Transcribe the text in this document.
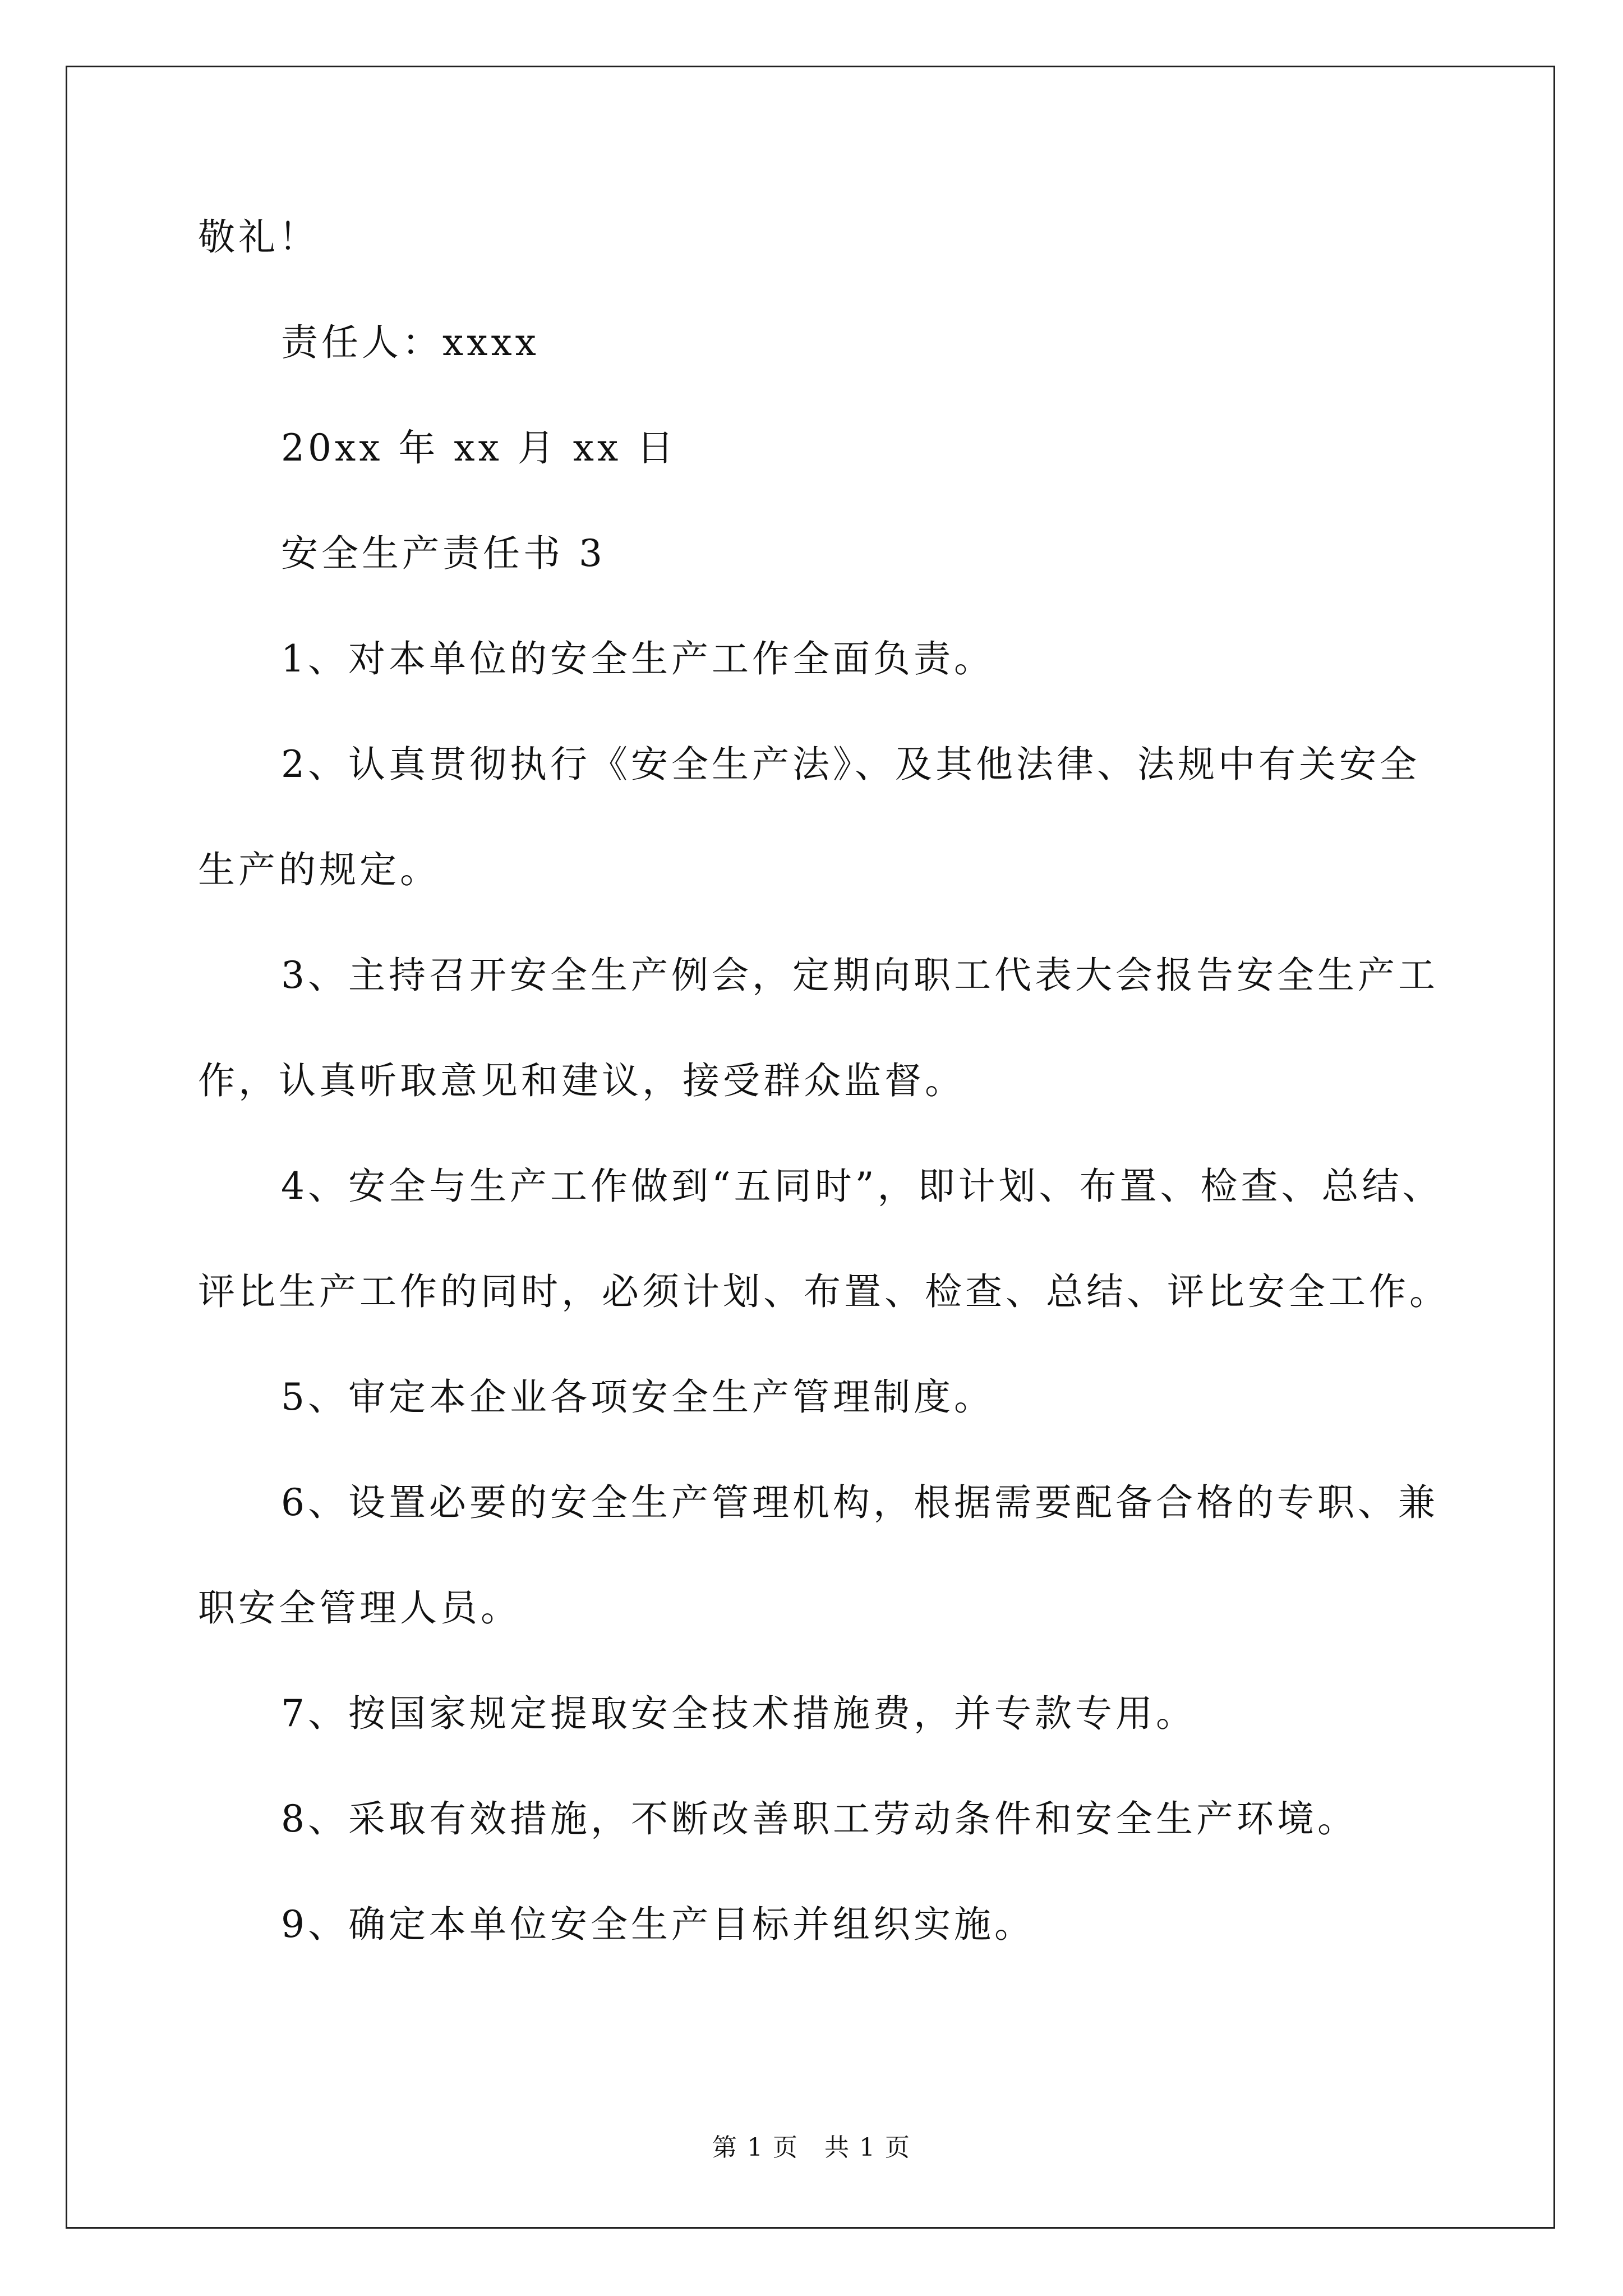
敬礼！
责任人：xxxx
20xx 年 xx 月 xx 日
安全生产责任书 3
1、对本单位的安全生产工作全面负责。
2、认真贯彻执行《安全生产法》、及其他法律、法规中有关安全
生产的规定。
3、主持召开安全生产例会，定期向职工代表大会报告安全生产工
作，认真听取意见和建议，接受群众监督。
4、安全与生产工作做到“五同时”，即计划、布置、检查、总结、
评比生产工作的同时，必须计划、布置、检查、总结、评比安全工作。
5、审定本企业各项安全生产管理制度。
6、设置必要的安全生产管理机构，根据需要配备合格的专职、兼
职安全管理人员。
7、按国家规定提取安全技术措施费，并专款专用。
8、采取有效措施，不断改善职工劳动条件和安全生产环境。
9、确定本单位安全生产目标并组织实施。
第 1 页　共 1 页
